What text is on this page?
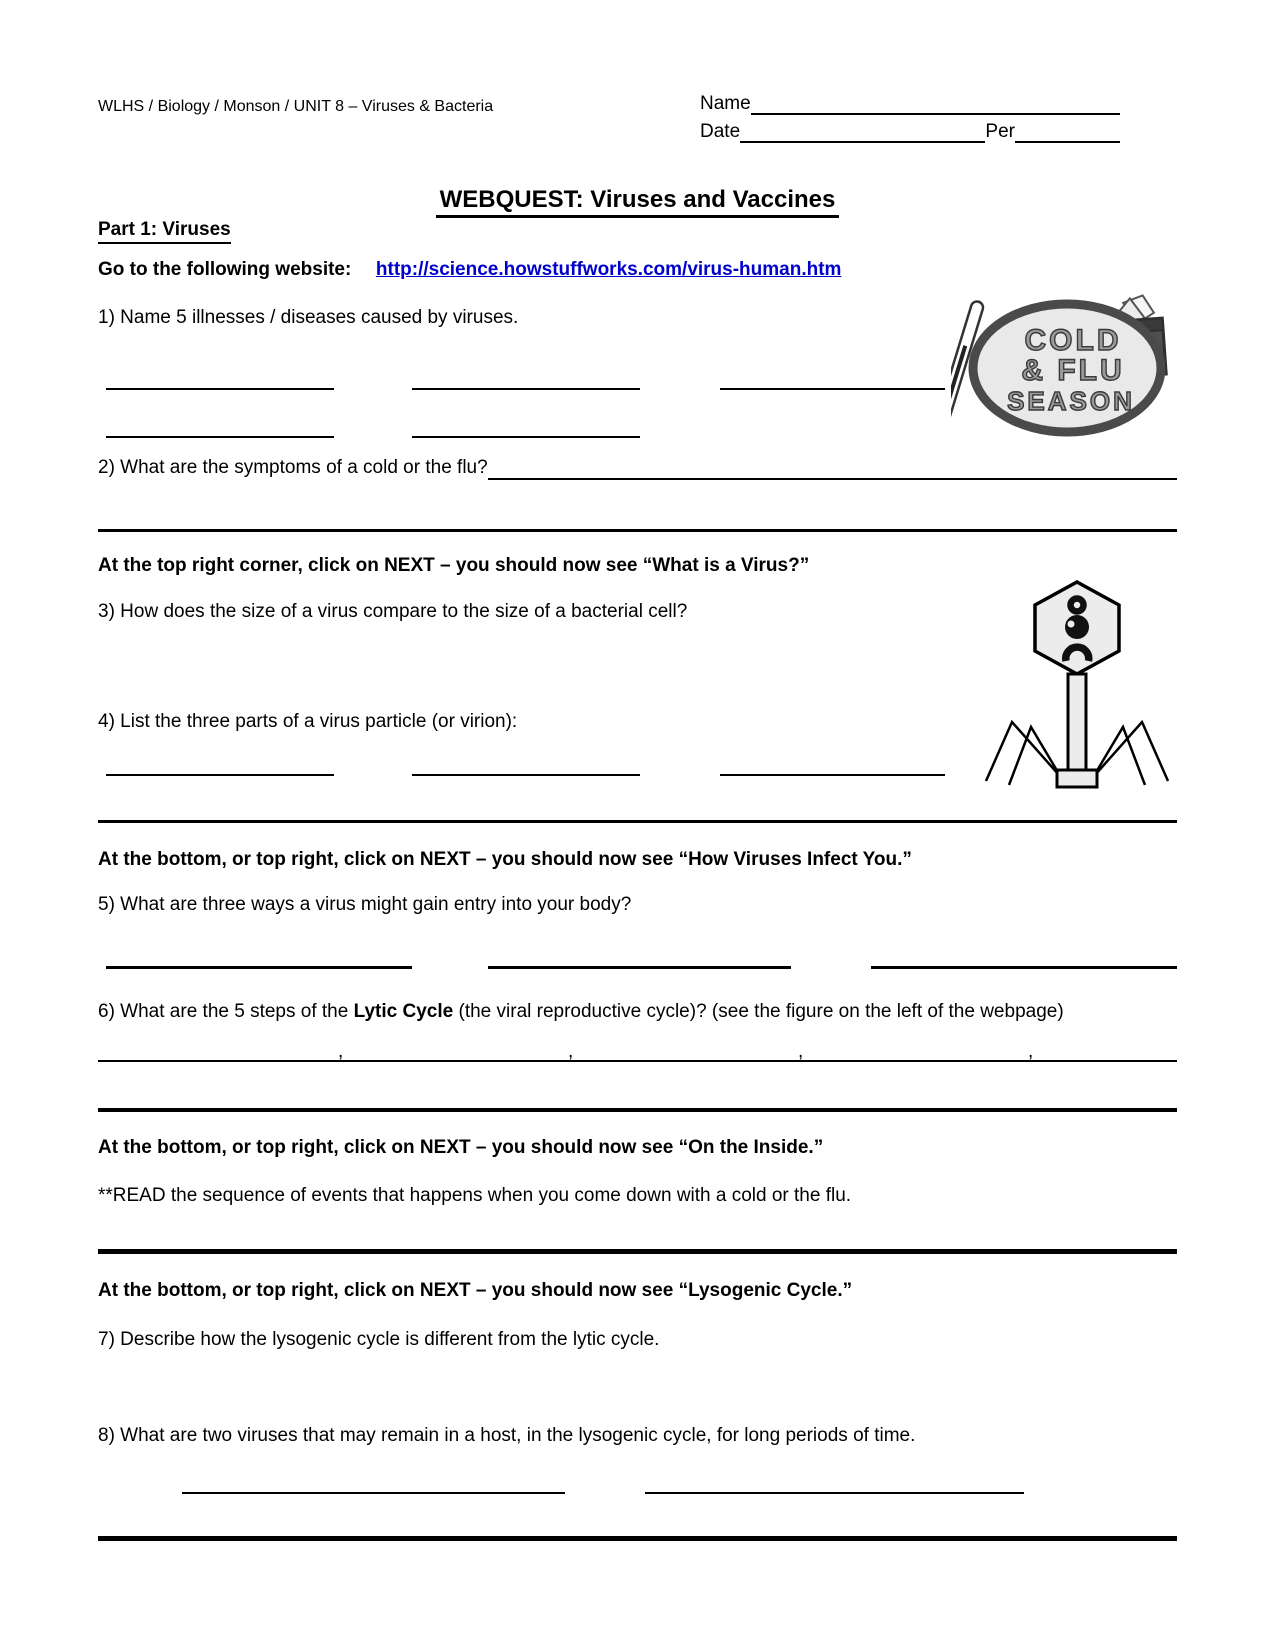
WLHS / Biology / Monson / UNIT 8 – Viruses & Bacteria	Name
Date	Per
WEBQUEST: Viruses and Vaccines
Part 1: Viruses
Go to the following website: http://science.howstuffworks.com/virus-human.htm
1) Name 5 illnesses / diseases caused by viruses.
COLD
& FLU
SEASON
2) What are the symptoms of a cold or the flu?
At the top right corner, click on NEXT – you should now see “What is a Virus?”
3) How does the size of a virus compare to the size of a bacterial cell?
4) List the three parts of a virus particle (or virion):
At the bottom, or top right, click on NEXT – you should now see “How Viruses Infect You.”
5) What are three ways a virus might gain entry into your body?
6) What are the 5 steps of the Lytic Cycle (the viral reproductive cycle)? (see the figure on the left of the webpage)
,	,	,	,
At the bottom, or top right, click on NEXT – you should now see “On the Inside.”
**READ the sequence of events that happens when you come down with a cold or the flu.
At the bottom, or top right, click on NEXT – you should now see “Lysogenic Cycle.”
7) Describe how the lysogenic cycle is different from the lytic cycle.
8) What are two viruses that may remain in a host, in the lysogenic cycle, for long periods of time.
